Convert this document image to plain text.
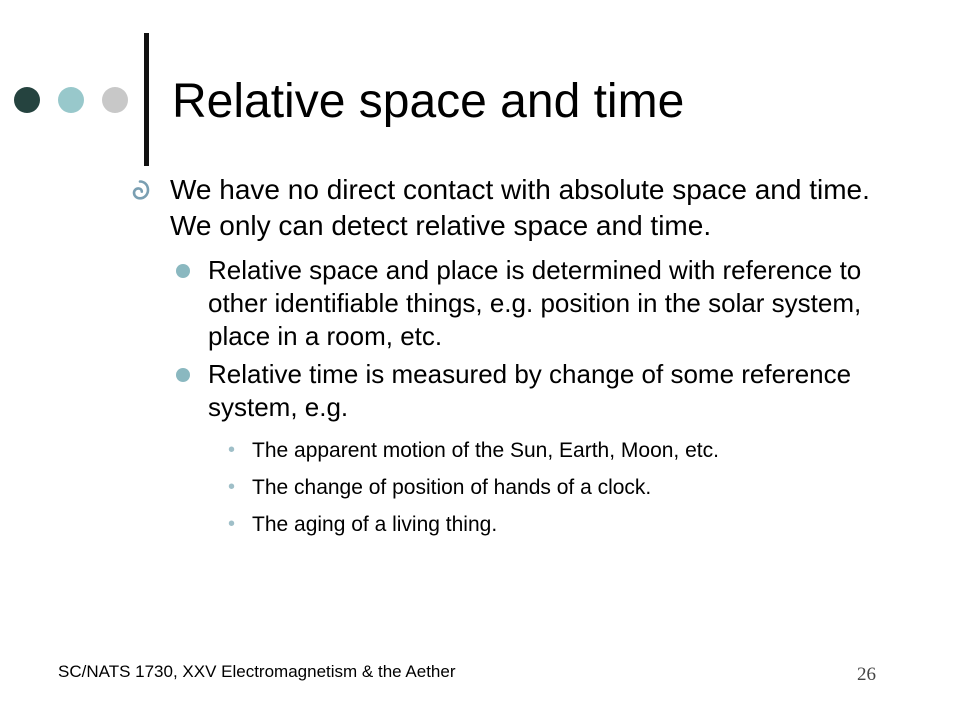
Relative space and time

We have no direct contact with absolute space and time. We only can detect relative space and time.

Relative space and place is determined with reference to other identifiable things, e.g. position in the solar system, place in a room, etc.

Relative time is measured by change of some reference system, e.g.

• The apparent motion of the Sun, Earth, Moon, etc.

• The change of position of hands of a clock.

• The aging of a living thing.

SC/NATS 1730, XXV Electromagnetism & the Aether	26
